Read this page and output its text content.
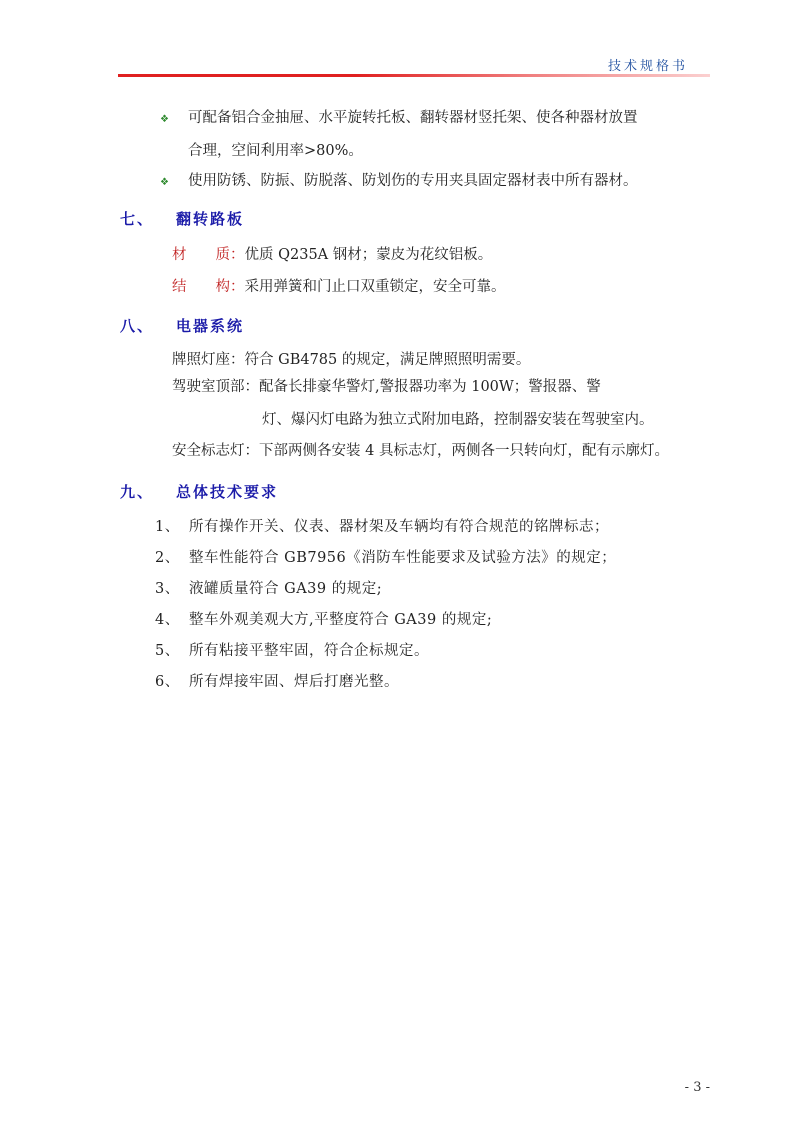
技术规格书
❖ 可配备铝合金抽屉、水平旋转托板、翻转器材竖托架、使各种器材放置
合理，空间利用率>80%。
❖ 使用防锈、防振、防脱落、防划伤的专用夹具固定器材表中所有器材。
七、 翻转路板
材　　质：优质 Q235A 钢材；蒙皮为花纹铝板。
结　　构：采用弹簧和门止口双重锁定，安全可靠。
八、 电器系统
牌照灯座：符合 GB4785 的规定，满足牌照照明需要。
驾驶室顶部：配备长排豪华警灯,警报器功率为 100W；警报器、警
灯、爆闪灯电路为独立式附加电路，控制器安装在驾驶室内。
安全标志灯：下部两侧各安装 4 具标志灯，两侧各一只转向灯，配有示廓灯。
九、 总体技术要求
1、 所有操作开关、仪表、器材架及车辆均有符合规范的铭牌标志；
2、 整车性能符合 GB7956《消防车性能要求及试验方法》的规定；
3、 液罐质量符合 GA39 的规定;
4、 整车外观美观大方,平整度符合 GA39 的规定;
5、 所有粘接平整牢固，符合企标规定。
6、 所有焊接牢固、焊后打磨光整。
- 3 -
